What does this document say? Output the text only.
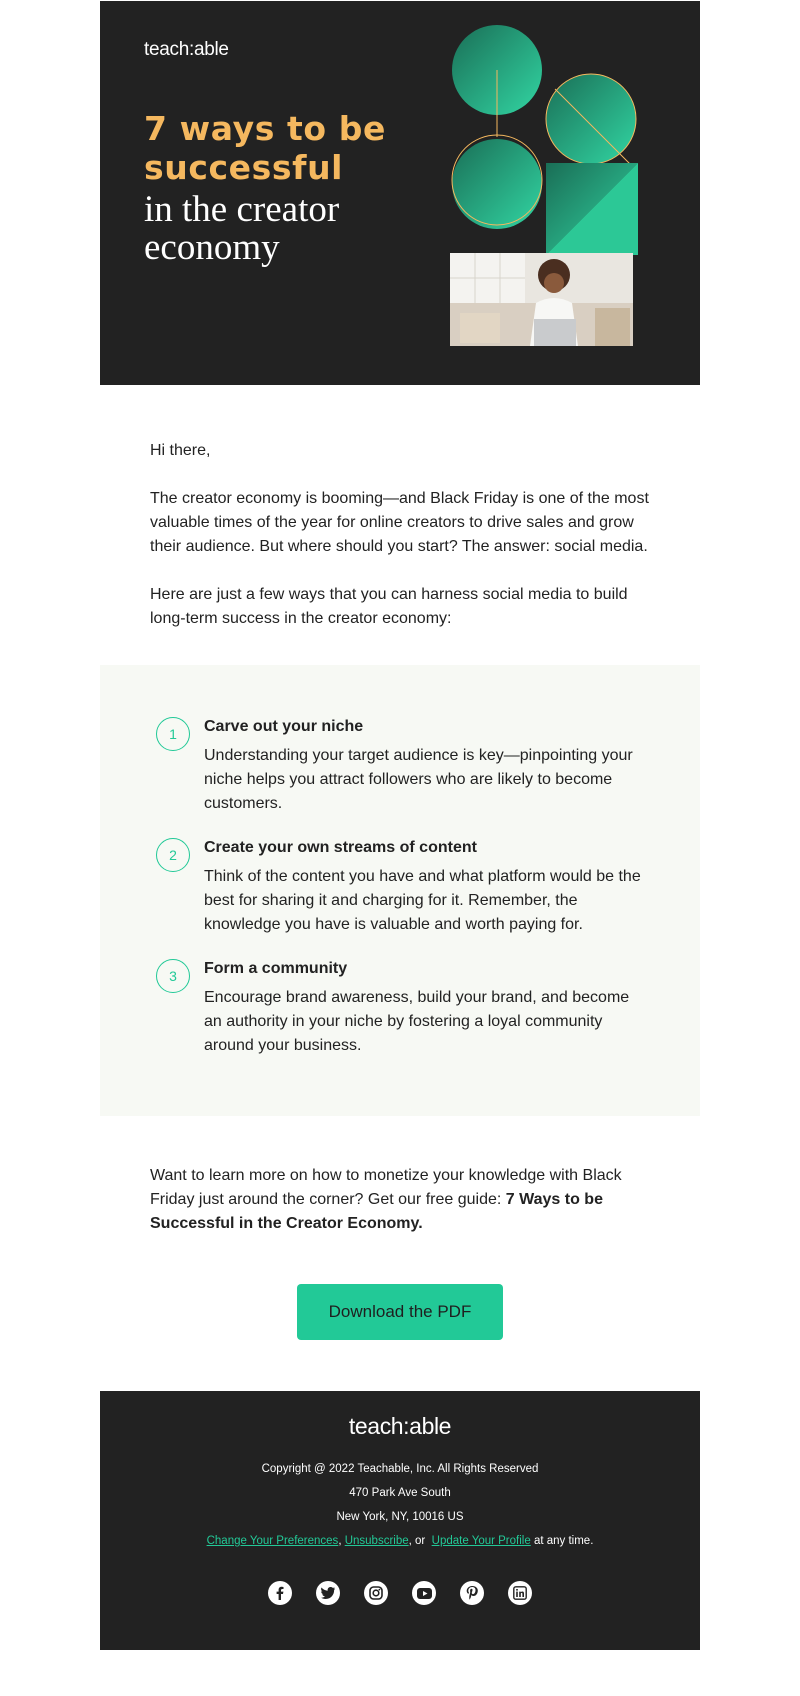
teach:able
7 ways to be successful
in the creator economy

Hi there,

The creator economy is booming—and Black Friday is one of the most valuable times of the year for online creators to drive sales and grow their audience. But where should you start? The answer: social media.

Here are just a few ways that you can harness social media to build long-term success in the creator economy:

1	Carve out your niche
Understanding your target audience is key—pinpointing your niche helps you attract followers who are likely to become customers.
2	Create your own streams of content
Think of the content you have and what platform would be the best for sharing it and charging for it. Remember, the knowledge you have is valuable and worth paying for.
3	Form a community
Encourage brand awareness, build your brand, and become an authority in your niche by fostering a loyal community around your business.
Want to learn more on how to monetize your knowledge with Black Friday just around the corner? Get our free guide: 7 Ways to be Successful in the Creator Economy.
Download the PDF
teach:able
Copyright @ 2022 Teachable, Inc. All Rights Reserved
470 Park Ave South
New York, NY, 10016 US
Change Your Preferences, Unsubscribe, or  Update Your Profile at any time.
